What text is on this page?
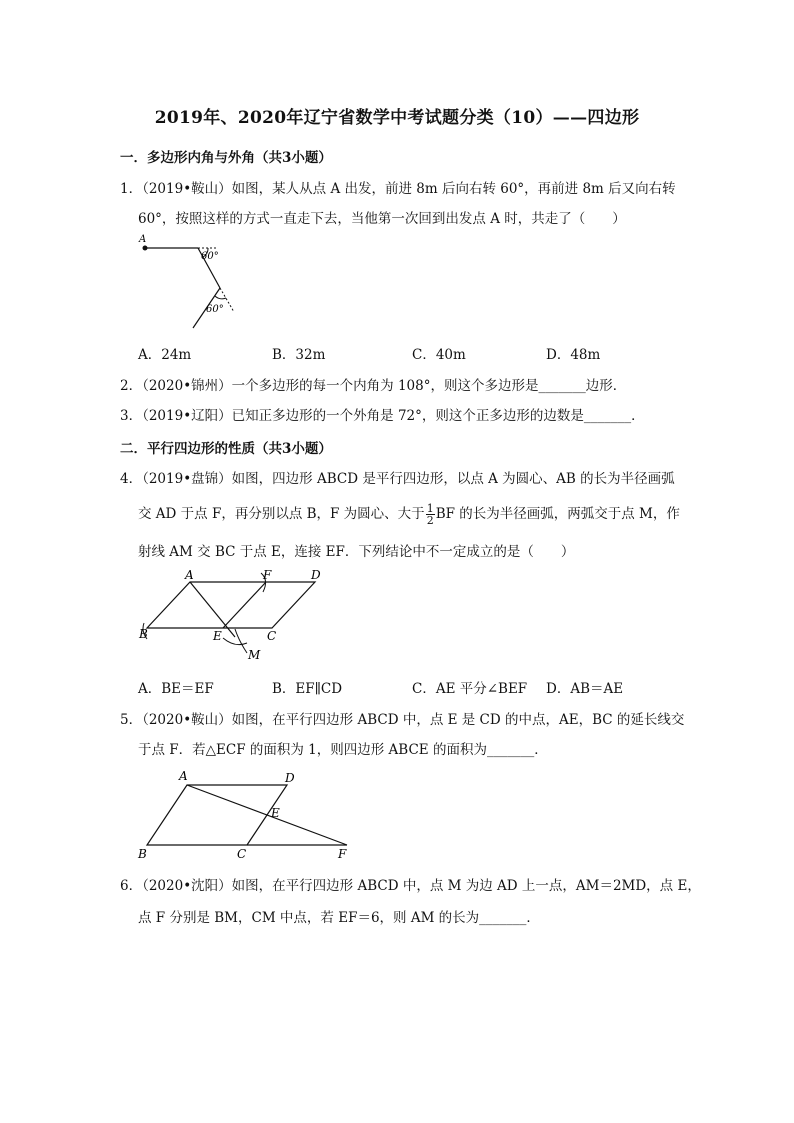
2019年、2020年辽宁省数学中考试题分类（10）——四边形
一．多边形内角与外角（共3小题）
1．（2019•鞍山）如图，某人从点 A 出发，前进 8m 后向右转 60°，再前进 8m 后又向右转
60°，按照这样的方式一直走下去，当他第一次回到出发点 A 时，共走了（　　）
A
60°
60°
A．24m	B．32m	C．40m	D．48m
2．（2020•锦州）一个多边形的每一个内角为 108°，则这个多边形是_______边形．
3．（2019•辽阳）已知正多边形的一个外角是 72°，则这个正多边形的边数是_______．
二．平行四边形的性质（共3小题）
4．（2019•盘锦）如图，四边形 ABCD 是平行四边形，以点 A 为圆心、AB 的长为半径画弧
交 AD 于点 F，再分别以点 B，F 为圆心、大于 $\frac{1}{2}$ BF 的长为半径画弧，两弧交于点 M，作
射线 AM 交 BC 于点 E，连接 EF．下列结论中不一定成立的是（　　）
A	F	D
B	E	C
M
A．BE＝EF	B．EF∥CD	C．AE 平分∠BEF D．AB＝AE
5．（2020•鞍山）如图，在平行四边形 ABCD 中，点 E 是 CD 的中点，AE，BC 的延长线交
于点 F．若△ECF 的面积为 1，则四边形 ABCE 的面积为_______．
A	D
E
B	C	F
6．（2020•沈阳）如图，在平行四边形 ABCD 中，点 M 为边 AD 上一点，AM＝2MD，点 E，
点 F 分别是 BM，CM 中点，若 EF＝6，则 AM 的长为_______．
